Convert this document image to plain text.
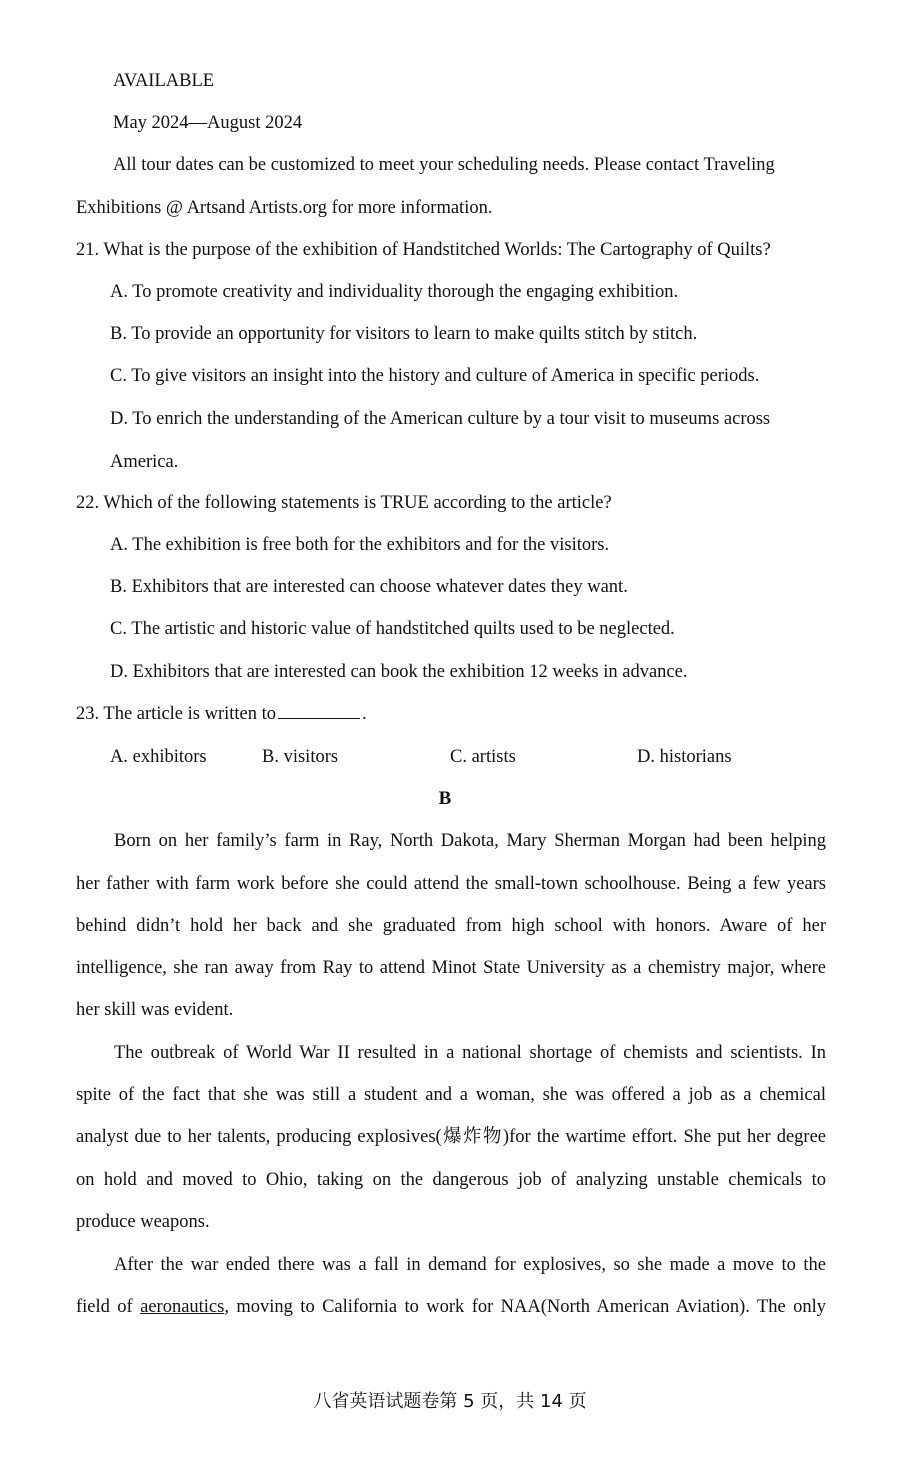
AVAILABLE
May 2024—August 2024
All tour dates can be customized to meet your scheduling needs. Please contact Traveling
Exhibitions @ Artsand Artists.org for more information.
21. What is the purpose of the exhibition of Handstitched Worlds: The Cartography of Quilts?
A. To promote creativity and individuality thorough the engaging exhibition.
B. To provide an opportunity for visitors to learn to make quilts stitch by stitch.
C. To give visitors an insight into the history and culture of America in specific periods.
D. To enrich the understanding of the American culture by a tour visit to museums across
America.
22. Which of the following statements is TRUE according to the article?
A. The exhibition is free both for the exhibitors and for the visitors.
B. Exhibitors that are interested can choose whatever dates they want.
C. The artistic and historic value of handstitched quilts used to be neglected.
D. Exhibitors that are interested can book the exhibition 12 weeks in advance.
23. The article is written to	.
A. exhibitors	B. visitors	C. artists	D. historians
B
Born on her family’s farm in Ray, North Dakota, Mary Sherman Morgan had been helping
her father with farm work before she could attend the small-town schoolhouse. Being a few years
behind didn’t hold her back and she graduated from high school with honors. Aware of her
intelligence, she ran away from Ray to attend Minot State University as a chemistry major, where
her skill was evident.
The outbreak of World War II resulted in a national shortage of chemists and scientists. In
spite of the fact that she was still a student and a woman, she was offered a job as a chemical
analyst due to her talents, producing explosives(爆炸物)for the wartime effort. She put her degree
on hold and moved to Ohio, taking on the dangerous job of analyzing unstable chemicals to
produce weapons.
After the war ended there was a fall in demand for explosives, so she made a move to the
field of aeronautics, moving to California to work for NAA(North American Aviation). The only
八省英语试题卷第 5 页，共 14 页
